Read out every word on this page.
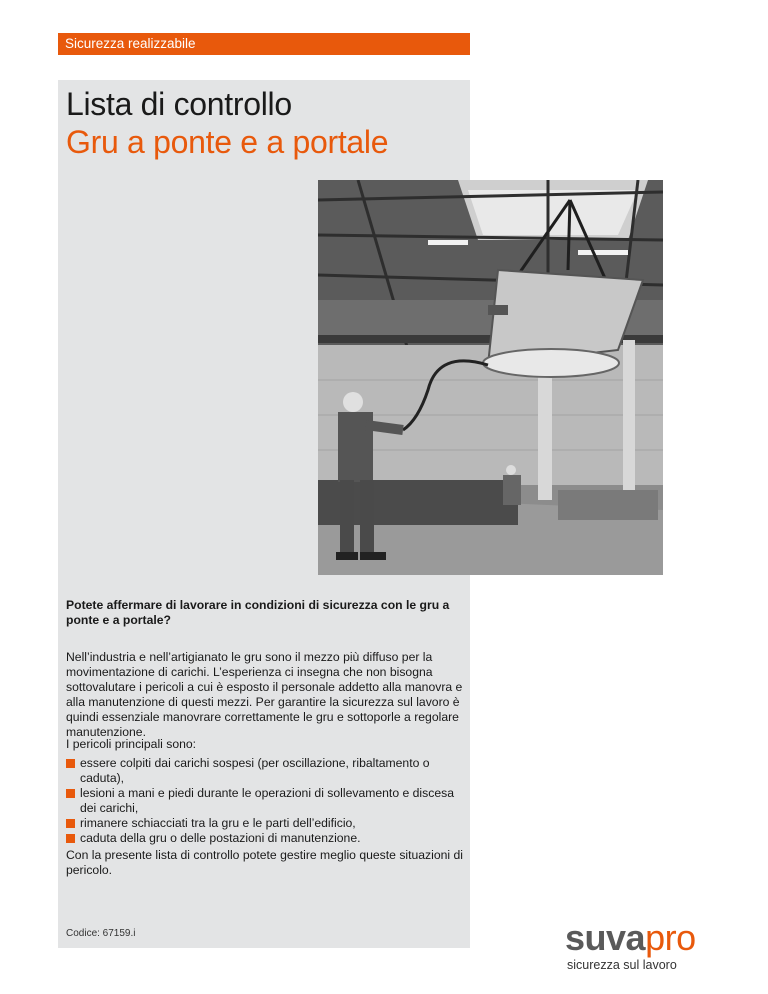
Sicurezza realizzabile
Lista di controllo
Gru a ponte e a portale
Potete affermare di lavorare in condizioni di sicurezza con le gru a ponte e a portale?
Nell’industria e nell’artigianato le gru sono il mezzo più diffuso per la movimentazione di carichi. L’esperienza ci insegna che non bisogna sottovalutare i pericoli a cui è esposto il personale addetto alla manovra e alla manutenzione di questi mezzi. Per garantire la sicurezza sul lavoro è quindi essenziale manovrare correttamente le gru e sottoporle a regolare manutenzione.
I pericoli principali sono:
essere colpiti dai carichi sospesi (per oscillazione, ribaltamento o caduta),
lesioni a mani e piedi durante le operazioni di sollevamento e discesa dei carichi,
rimanere schiacciati tra la gru e le parti dell’edificio,
caduta della gru o delle postazioni di manutenzione.
Con la presente lista di controllo potete gestire meglio queste situazioni di pericolo.
Codice: 67159.i	suvapro
sicurezza sul lavoro
